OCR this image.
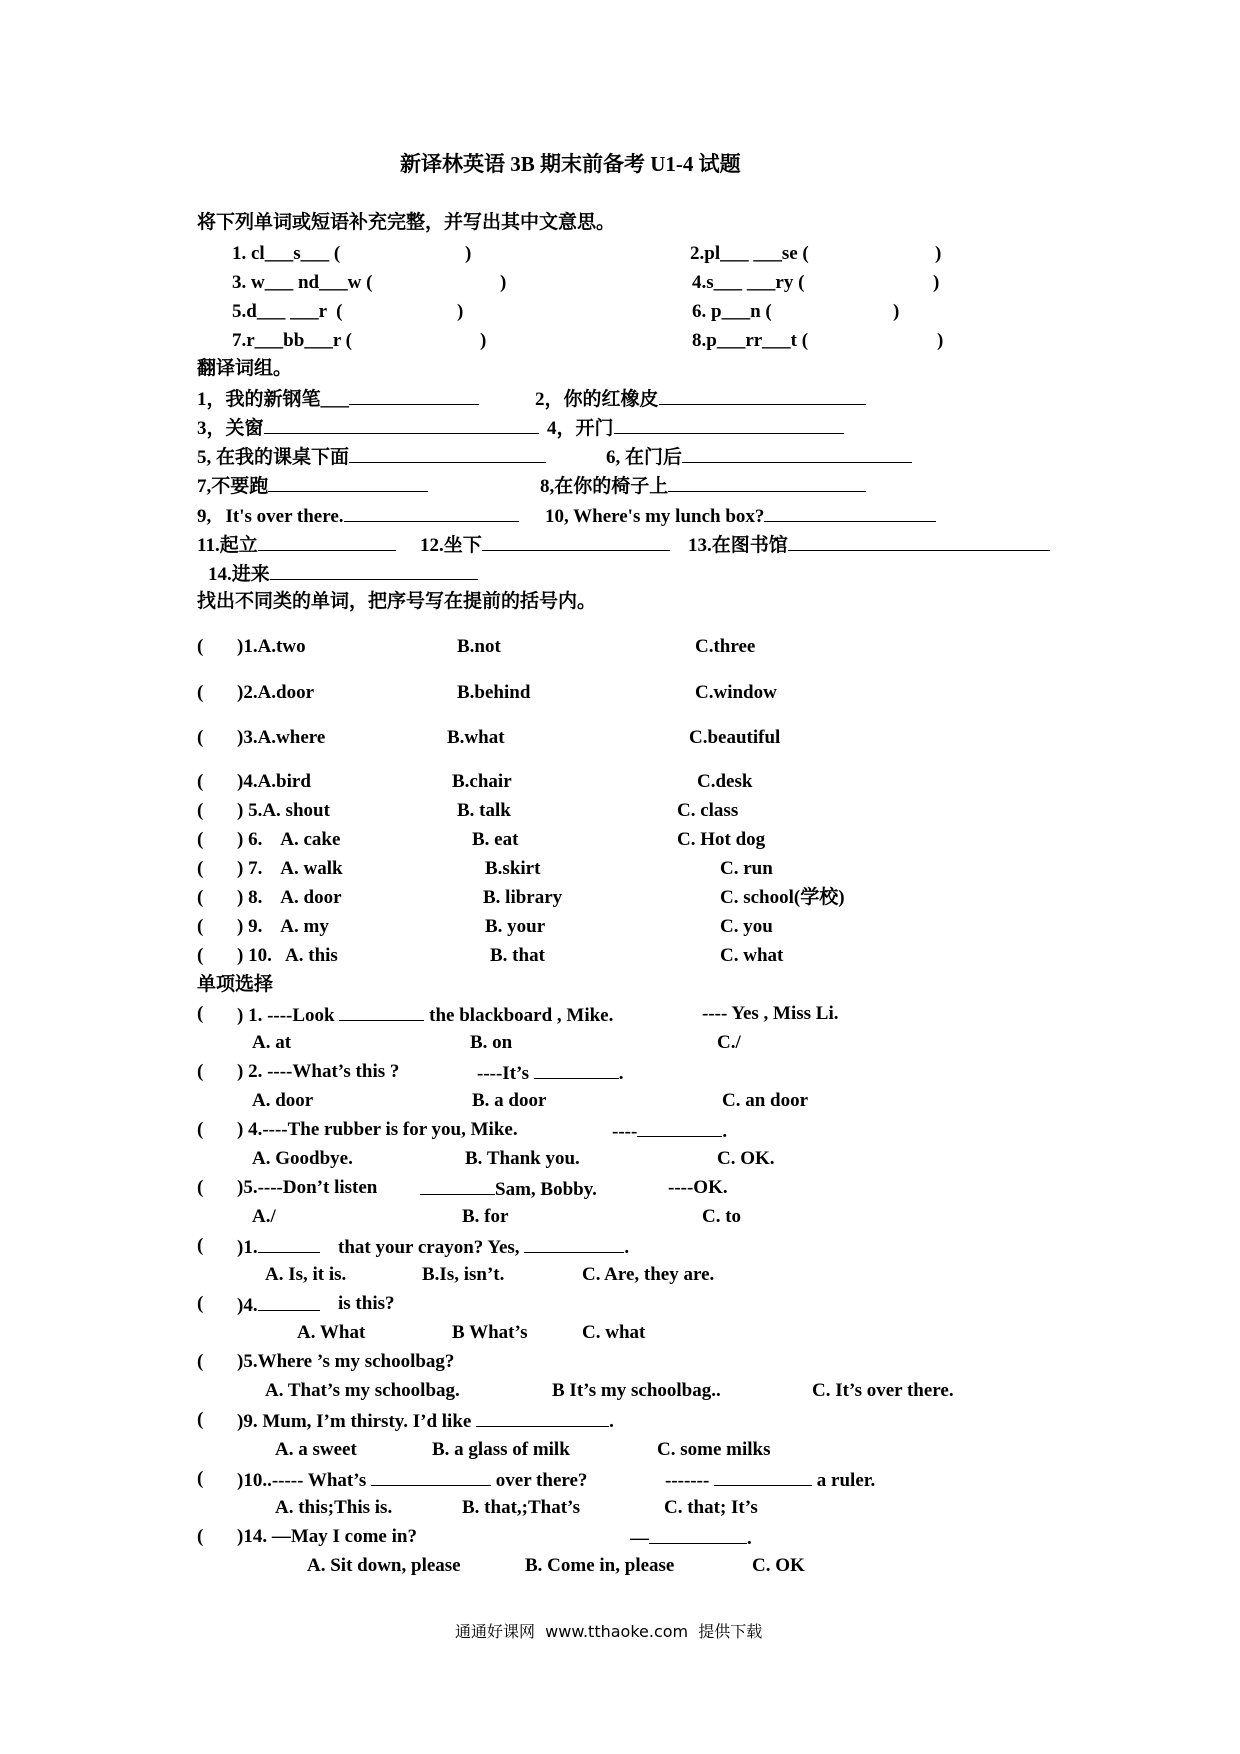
新译林英语 3B 期末前备考 U1-4 试题
将下列单词或短语补充完整，并写出其中文意思。
1. cl___s___ (	)	2.pl___ ___se (	)
3. w___ nd___w (	)	4.s___ ___ry (	)
5.d___ ___r  (	)	6. p___n (	)
7.r___bb___r (	)	8.p___rr___t (	)
翻译词组。
1，我的新钢笔___	2，你的红橡皮
3，关窗	4，开门
5, 在我的课桌下面	6, 在门后
7,不要跑	8,在你的椅子上
9,   It's over there.	10, Where's my lunch box?
11.起立	12.坐下	13.在图书馆
14.进来
找出不同类的单词，把序号写在提前的括号内。
( )1.A.two	B.not	C.three
( )2.A.door	B.behind	C.window
( )3.A.where	B.what	C.beautiful
( )4.A.bird	B.chair	C.desk
( ) 5.A. shout	B. talk	C. class
( ) 6.    A. cake	B. eat	C. Hot dog
( ) 7.    A. walk	B.skirt	C. run
( ) 8.    A. door	B. library	C. school(学校)
( ) 9.    A. my	B. your	C. you
( ) 10.   A. this	B. that	C. what
单项选择
( ) 1. ----Look	the blackboard , Mike.	---- Yes , Miss Li.
A. at	B. on	C./
( ) 2. ----What’s this ?	----It’s	.
A. door	B. a door	C. an door
( ) 4.----The rubber is for you, Mike.	----	.
A. Goodbye.	B. Thank you.	C. OK.
( )5.----Don’t listen	Sam, Bobby.	----OK.
A./	B. for	C. to
( )1.	that your crayon? Yes,	.
A. Is, it is.	B.Is, isn’t.	C. Are, they are.
( )4.	is this?
A. What	B What’s	C. what
( )5.Where ’s my schoolbag?
A. That’s my schoolbag.	B It’s my schoolbag..	C. It’s over there.
( )9. Mum, I’m thirsty. I’d like	.
A. a sweet	B. a glass of milk	C. some milks
( )10..----- What’s	over there?	-------	a ruler.
A. this;This is.	B. that,;That’s	C. that; It’s
( )14. —May I come in?	—	.
A. Sit down, please	B. Come in, please	C. OK
通通好课网  www.tthaoke.com  提供下载
